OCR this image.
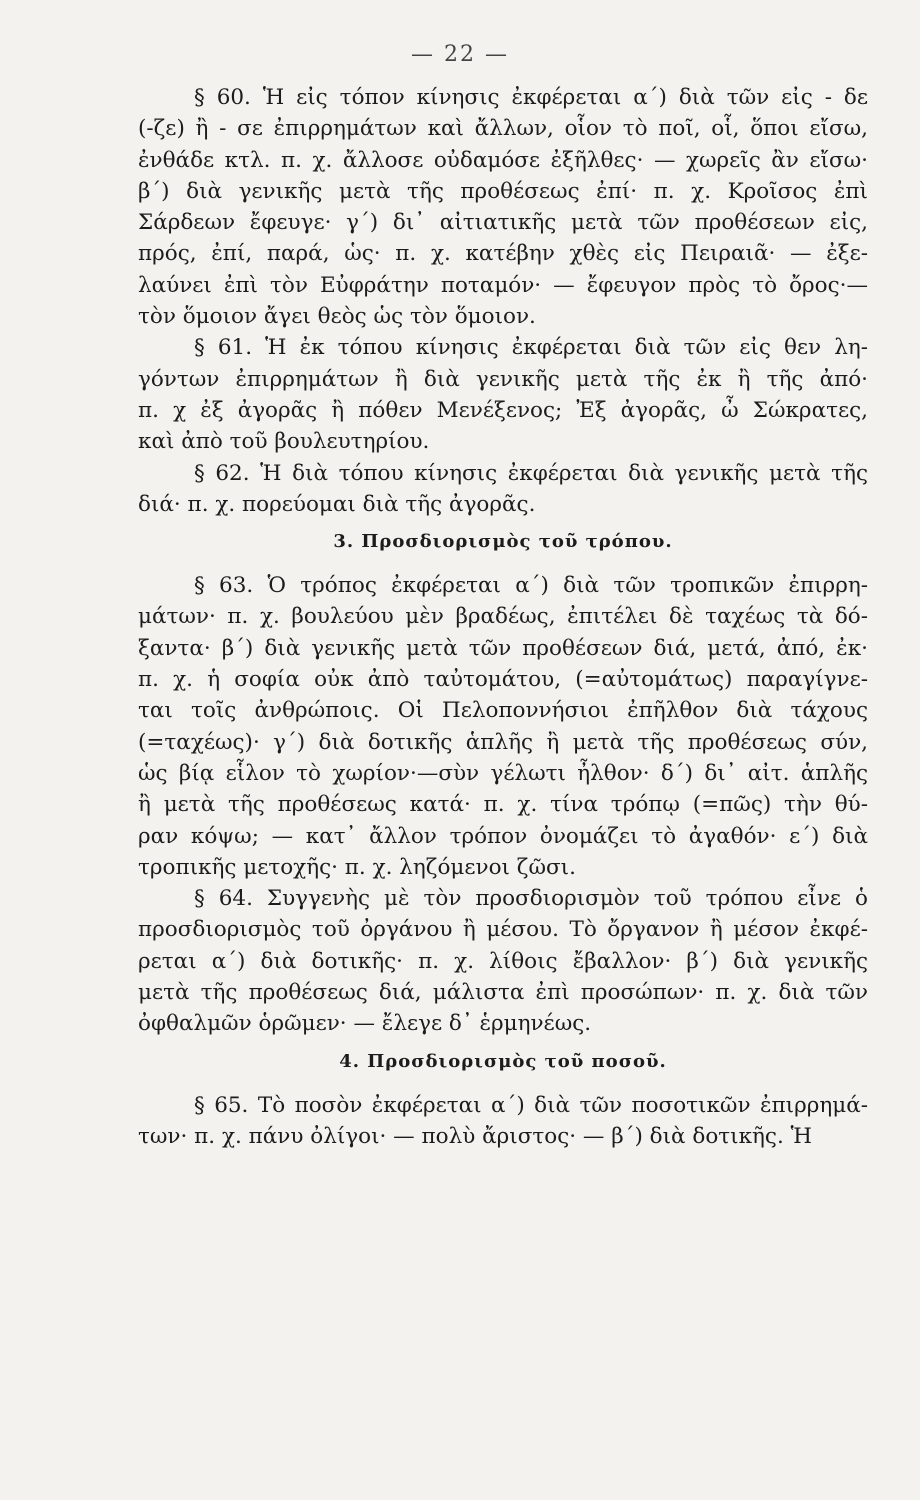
— 22 —
§ 60. Ἡ εἰς τόπον κίνησις ἐκφέρεται α΄) διὰ τῶν εἰς - δε
(-ζε) ἢ - σε ἐπιρρημάτων καὶ ἄλλων, οἷον τὸ ποῖ, οἷ, ὅποι εἴσω,
ἐνθάδε κτλ. π. χ. ἄλλοσε οὐδαμόσε ἐξῆλθες· — χωρεῖς ἂν εἴσω·
β΄) διὰ γενικῆς μετὰ τῆς προθέσεως ἐπί· π. χ. Κροῖσος ἐπὶ
Σάρδεων ἔφευγε· γ΄) δι᾽ αἰτιατικῆς μετὰ τῶν προθέσεων εἰς,
πρός, ἐπί, παρά, ὡς· π. χ. κατέβην χθὲς εἰς Πειραιᾶ· — ἐξε-
λαύνει ἐπὶ τὸν Εὐφράτην ποταμόν· — ἔφευγον πρὸς τὸ ὄρος·—
τὸν ὅμοιον ἄγει θεὸς ὡς τὸν ὅμοιον.
§ 61. Ἡ ἐκ τόπου κίνησις ἐκφέρεται διὰ τῶν εἰς θεν λη-
γόντων ἐπιρρημάτων ἢ διὰ γενικῆς μετὰ τῆς ἐκ ἢ τῆς ἀπό·
π. χ ἐξ ἀγορᾶς ἢ πόθεν Μενέξενος; Ἐξ ἀγορᾶς, ὦ Σώκρατες,
καὶ ἀπὸ τοῦ βουλευτηρίου.
§ 62. Ἡ διὰ τόπου κίνησις ἐκφέρεται διὰ γενικῆς μετὰ τῆς
διά· π. χ. πορεύομαι διὰ τῆς ἀγορᾶς.
3. Προσδιορισμὸς τοῦ τρόπου.
§ 63. Ὁ τρόπος ἐκφέρεται α΄) διὰ τῶν τροπικῶν ἐπιρρη-
μάτων· π. χ. βουλεύου μὲν βραδέως, ἐπιτέλει δὲ ταχέως τὰ δό-
ξαντα· β΄) διὰ γενικῆς μετὰ τῶν προθέσεων διά, μετά, ἀπό, ἐκ·
π. χ. ἡ σοφία οὐκ ἀπὸ ταὐτομάτου, (=αὐτομάτως) παραγίγνε-
ται τοῖς ἀνθρώποις. Οἱ Πελοποννήσιοι ἐπῆλθον διὰ τάχους
(=ταχέως)· γ΄) διὰ δοτικῆς ἁπλῆς ἢ μετὰ τῆς προθέσεως σύν,
ὡς βίᾳ εἷλον τὸ χωρίον·—σὺν γέλωτι ἦλθον· δ΄) δι᾽ αἰτ. ἁπλῆς
ἢ μετὰ τῆς προθέσεως κατά· π. χ. τίνα τρόπῳ (=πῶς) τὴν θύ-
ραν κόψω; — κατ᾽ ἄλλον τρόπον ὀνομάζει τὸ ἀγαθόν· ε΄) διὰ
τροπικῆς μετοχῆς· π. χ. ληζόμενοι ζῶσι.
§ 64. Συγγενὴς μὲ τὸν προσδιορισμὸν τοῦ τρόπου εἶνε ὁ
προσδιορισμὸς τοῦ ὀργάνου ἢ μέσου. Τὸ ὄργανον ἢ μέσον ἐκφέ-
ρεται α΄) διὰ δοτικῆς· π. χ. λίθοις ἔβαλλον· β΄) διὰ γενικῆς
μετὰ τῆς προθέσεως διά, μάλιστα ἐπὶ προσώπων· π. χ. διὰ τῶν
ὀφθαλμῶν ὁρῶμεν· — ἔλεγε δ᾽ ἑρμηνέως.
4. Προσδιορισμὸς τοῦ ποσοῦ.
§ 65. Τὸ ποσὸν ἐκφέρεται α΄) διὰ τῶν ποσοτικῶν ἐπιρρημά-
των· π. χ. πάνυ ὀλίγοι· — πολὺ ἄριστος· — β΄) διὰ δοτικῆς. Ἡ
